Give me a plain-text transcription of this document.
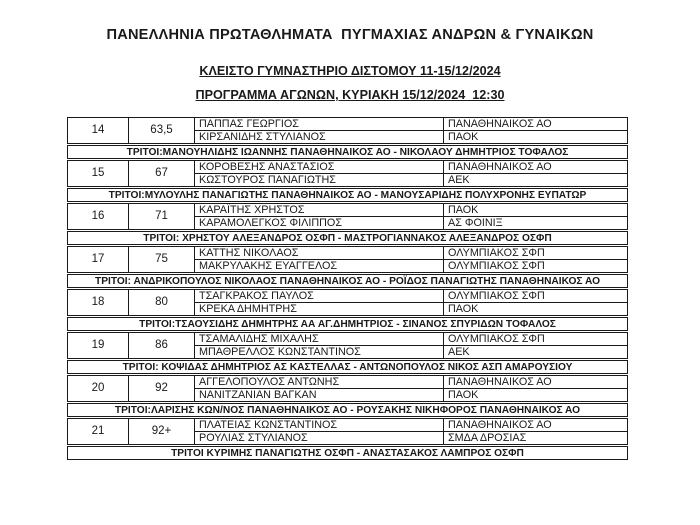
ΠΑΝΕΛΛΗΝΙΑ ΠΡΩΤΑΘΛΗΜΑΤΑ  ΠΥΓΜΑΧΙΑΣ ΑΝΔΡΩΝ & ΓΥΝΑΙΚΩΝ
ΚΛΕΙΣΤΟ ΓΥΜΝΑΣΤΗΡΙΟ ΔΙΣΤΟΜΟΥ 11-15/12/2024
ΠΡΟΓΡΑΜΜΑ ΑΓΩΝΩΝ, ΚΥΡΙΑΚΗ 15/12/2024  12:30
14	63,5
ΠΑΠΠΑΣ ΓΕΩΡΓΙΟΣ	ΠΑΝΑΘΗΝΑΙΚΟΣ ΑΟ
ΚΙΡΣΑΝΙΔΗΣ ΣΤΥΛΙΑΝΟΣ	ΠΑΟΚ
ΤΡΙΤΟΙ:ΜΑΝΟΥΗΛΙΔΗΣ ΙΩΑΝΝΗΣ ΠΑΝΑΘΗΝΑΙΚΟΣ ΑΟ - ΝΙΚΟΛΑΟΥ ΔΗΜΗΤΡΙΟΣ ΤΟΦΑΛΟΣ
15	67
ΚΟΡΟΒΕΣΗΣ ΑΝΑΣΤΑΣΙΟΣ	ΠΑΝΑΘΗΝΑΙΚΟΣ ΑΟ
ΚΩΣΤΟΥΡΟΣ ΠΑΝΑΓΙΩΤΗΣ	ΑΕΚ
ΤΡΙΤΟΙ:ΜΥΛΟΥΛΗΣ ΠΑΝΑΓΙΩΤΗΣ ΠΑΝΑΘΗΝΑΙΚΟΣ ΑΟ - ΜΑΝΟΥΣΑΡΙΔΗΣ ΠΟΛΥΧΡΟΝΗΣ ΕΥΠΑΤΩΡ
16	71
ΚΑΡΑΪΤΗΣ ΧΡΗΣΤΟΣ	ΠΑΟΚ
ΚΑΡΑΜΟΛΕΓΚΟΣ ΦΙΛΙΠΠΟΣ	ΑΣ ΦΟΙΝΙΞ
ΤΡΙΤΟΙ: ΧΡΗΣΤΟΥ ΑΛΕΞΑΝΔΡΟΣ ΟΣΦΠ - ΜΑΣΤΡΟΓΙΑΝΝΑΚΟΣ ΑΛΕΞΑΝΔΡΟΣ ΟΣΦΠ
17	75
ΚΑΤΤΗΣ ΝΙΚΟΛΑΟΣ	ΟΛΥΜΠΙΑΚΟΣ ΣΦΠ
ΜΑΚΡΥΛΑΚΗΣ ΕΥΑΓΓΕΛΟΣ	ΟΛΥΜΠΙΑΚΟΣ ΣΦΠ
ΤΡΙΤΟΙ: ΑΝΔΡΙΚΟΠΟΥΛΟΣ ΝΙΚΟΛΑΟΣ ΠΑΝΑΘΗΝΑΙΚΟΣ ΑΟ - ΡΟΪΔΟΣ ΠΑΝΑΓΙΩΤΗΣ ΠΑΝΑΘΗΝΑΙΚΟΣ ΑΟ
18	80
ΤΣΑΓΚΡΑΚΟΣ ΠΑΥΛΟΣ	ΟΛΥΜΠΙΑΚΟΣ ΣΦΠ
ΚΡΕΚΑ ΔΗΜΗΤΡΗΣ	ΠΑΟΚ
ΤΡΙΤΟΙ:ΤΣΑΟΥΣΙΔΗΣ ΔΗΜΗΤΡΗΣ ΑΑ ΑΓ.ΔΗΜΗΤΡΙΟΣ - ΣΙΝΑΝΟΣ ΣΠΥΡΙΔΩΝ ΤΟΦΑΛΟΣ
19	86
ΤΣΑΜΑΛΙΔΗΣ ΜΙΧΑΛΗΣ	ΟΛΥΜΠΙΑΚΟΣ ΣΦΠ
ΜΠΑΘΡΕΛΛΟΣ ΚΩΝΣΤΑΝΤΙΝΟΣ	ΑΕΚ
ΤΡΙΤΟΙ: ΚΟΨΙΔΑΣ ΔΗΜΗΤΡΙΟΣ ΑΣ ΚΑΣΤΕΛΛΑΣ - ΑΝΤΩΝΟΠΟΥΛΟΣ ΝΙΚΟΣ ΑΣΠ ΑΜΑΡΟΥΣΙΟΥ
20	92
ΑΓΓΕΛΟΠΟΥΛΟΣ ΑΝΤΩΝΗΣ	ΠΑΝΑΘΗΝΑΙΚΟΣ ΑΟ
ΝΑΝΙΤΖΑΝΙΑΝ ΒΑΓΚΑΝ	ΠΑΟΚ
ΤΡΙΤΟΙ:ΛΑΡΙΣΗΣ ΚΩΝ/ΝΟΣ ΠΑΝΑΘΗΝΑΙΚΟΣ ΑΟ - ΡΟΥΣΑΚΗΣ ΝΙΚΗΦΟΡΟΣ ΠΑΝΑΘΗΝΑΙΚΟΣ ΑΟ
21	92+
ΠΛΑΤΕΙΑΣ ΚΩΝΣΤΑΝΤΙΝΟΣ	ΠΑΝΑΘΗΝΑΙΚΟΣ ΑΟ
ΡΟΥΛΙΑΣ ΣΤΥΛΙΑΝΟΣ	ΣΜΔΑ ΔΡΟΣΙΑΣ
ΤΡΙΤΟΙ ΚΥΡΙΜΗΣ ΠΑΝΑΓΙΩΤΗΣ ΟΣΦΠ - ΑΝΑΣΤΑΣΑΚΟΣ ΛΑΜΠΡΟΣ ΟΣΦΠ
